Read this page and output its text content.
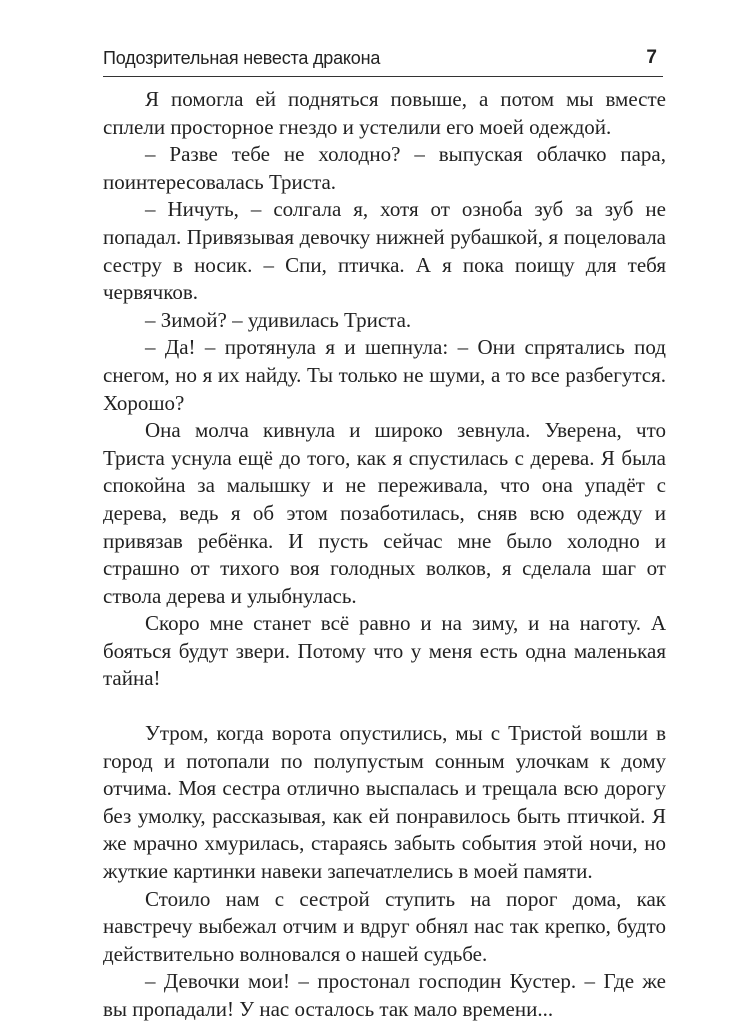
Подозрительная невеста дракона	7

Я помогла ей подняться повыше, а потом мы вместе сплели просторное гнездо и устелили его моей одеждой.

– Разве тебе не холодно? – выпуская облачко пара, поинтересовалась Триста.

– Ничуть, – солгала я, хотя от озноба зуб за зуб не попадал. Привязывая девочку нижней рубашкой, я поцеловала сестру в носик. – Спи, птичка. А я пока поищу для тебя червячков.

– Зимой? – удивилась Триста.

– Да! – протянула я и шепнула: – Они спрятались под снегом, но я их найду. Ты только не шуми, а то все разбегутся. Хорошо?

Она молча кивнула и широко зевнула. Уверена, что Триста уснула ещё до того, как я спустилась с дерева. Я была спокойна за малышку и не переживала, что она упадёт с дерева, ведь я об этом позаботилась, сняв всю одежду и привязав ребёнка. И пусть сейчас мне было холодно и страшно от тихого воя голодных волков, я сделала шаг от ствола дерева и улыбнулась.

Скоро мне станет всё равно и на зиму, и на наготу. А бояться будут звери. Потому что у меня есть одна маленькая тайна!

Утром, когда ворота опустились, мы с Тристой вошли в город и потопали по полупустым сонным улочкам к дому отчима. Моя сестра отлично выспалась и трещала всю дорогу без умолку, рассказывая, как ей понравилось быть птичкой. Я же мрачно хмурилась, стараясь забыть события этой ночи, но жуткие картинки навеки запечатлелись в моей памяти.

Стоило нам с сестрой ступить на порог дома, как навстречу выбежал отчим и вдруг обнял нас так крепко, будто действительно волновался о нашей судьбе.

– Девочки мои! – простонал господин Кустер. – Где же вы пропадали! У нас осталось так мало времени...
